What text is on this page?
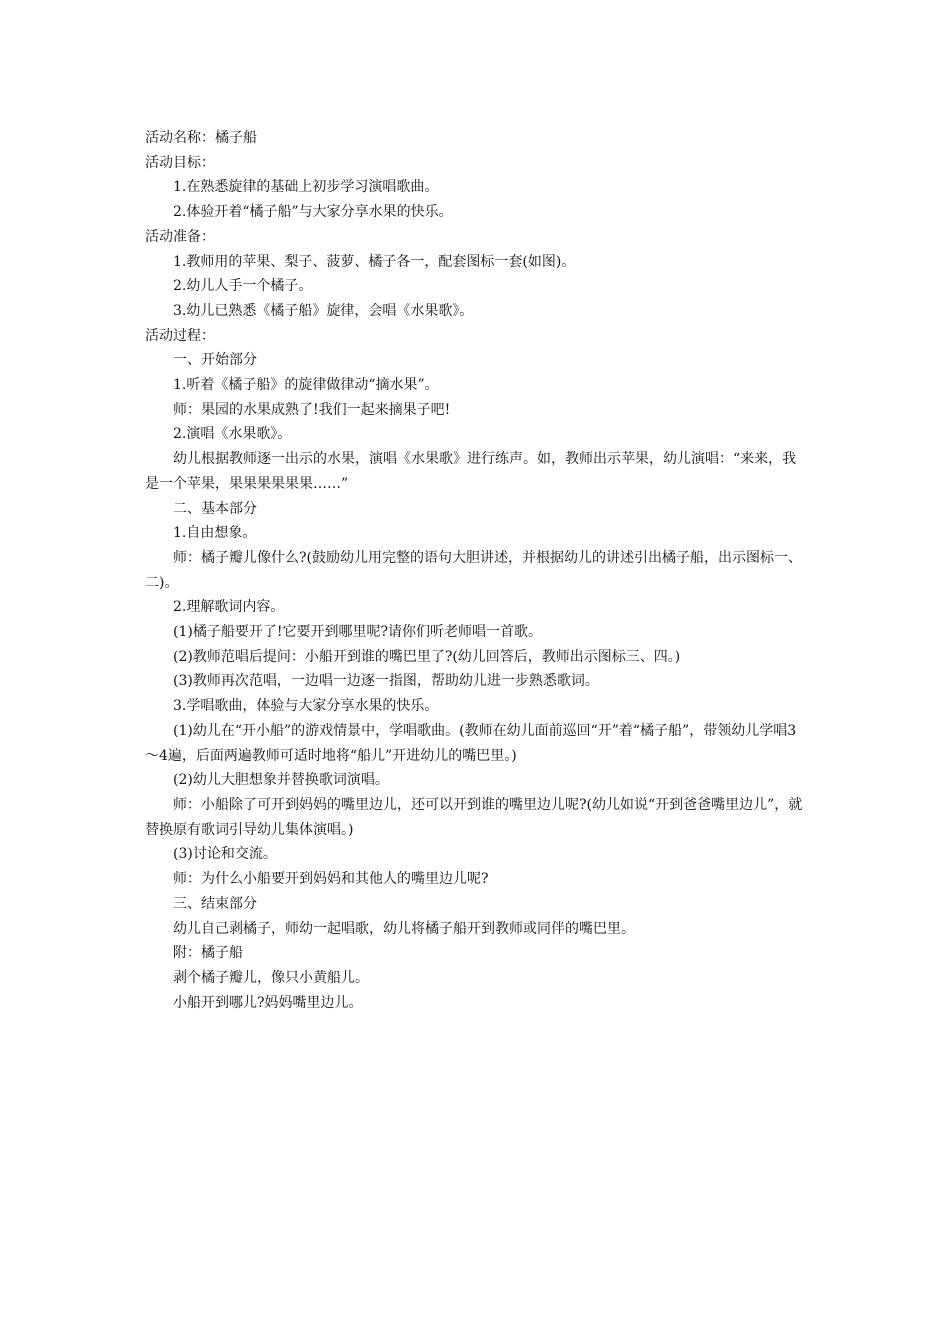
活动名称：橘子船

活动目标：

1.在熟悉旋律的基础上初步学习演唱歌曲。

2.体验开着“橘子船”与大家分享水果的快乐。

活动准备：

1.教师用的苹果、梨子、菠萝、橘子各一，配套图标一套(如图)。

2.幼儿人手一个橘子。

3.幼儿已熟悉《橘子船》旋律，会唱《水果歌》。

活动过程：

一、开始部分

1.听着《橘子船》的旋律做律动“摘水果”。

师：果园的水果成熟了!我们一起来摘果子吧!

2.演唱《水果歌》。

幼儿根据教师逐一出示的水果，演唱《水果歌》进行练声。如，教师出示苹果，幼儿演唱：“来来，我是一个苹果，果果果果果果……”

二、基本部分

1.自由想象。

师：橘子瓣儿像什么?(鼓励幼儿用完整的语句大胆讲述，并根据幼儿的讲述引出橘子船，出示图标一、二)。

2.理解歌词内容。

(1)橘子船要开了!它要开到哪里呢?请你们听老师唱一首歌。

(2)教师范唱后提问：小船开到谁的嘴巴里了?(幼儿回答后，教师出示图标三、四。)

(3)教师再次范唱，一边唱一边逐一指图，帮助幼儿进一步熟悉歌词。

3.学唱歌曲，体验与大家分享水果的快乐。

(1)幼儿在“开小船”的游戏情景中，学唱歌曲。(教师在幼儿面前巡回“开”着“橘子船”，带领幼儿学唱3～4遍，后面两遍教师可适时地将“船儿”开进幼儿的嘴巴里。)

(2)幼儿大胆想象并替换歌词演唱。

师：小船除了可开到妈妈的嘴里边儿，还可以开到谁的嘴里边儿呢?(幼儿如说“开到爸爸嘴里边儿”，就替换原有歌词引导幼儿集体演唱。)

(3)讨论和交流。

师：为什么小船要开到妈妈和其他人的嘴里边儿呢?

三、结束部分

幼儿自己剥橘子，师幼一起唱歌，幼儿将橘子船开到教师或同伴的嘴巴里。

附：橘子船

剥个橘子瓣儿，像只小黄船儿。

小船开到哪儿?妈妈嘴里边儿。
